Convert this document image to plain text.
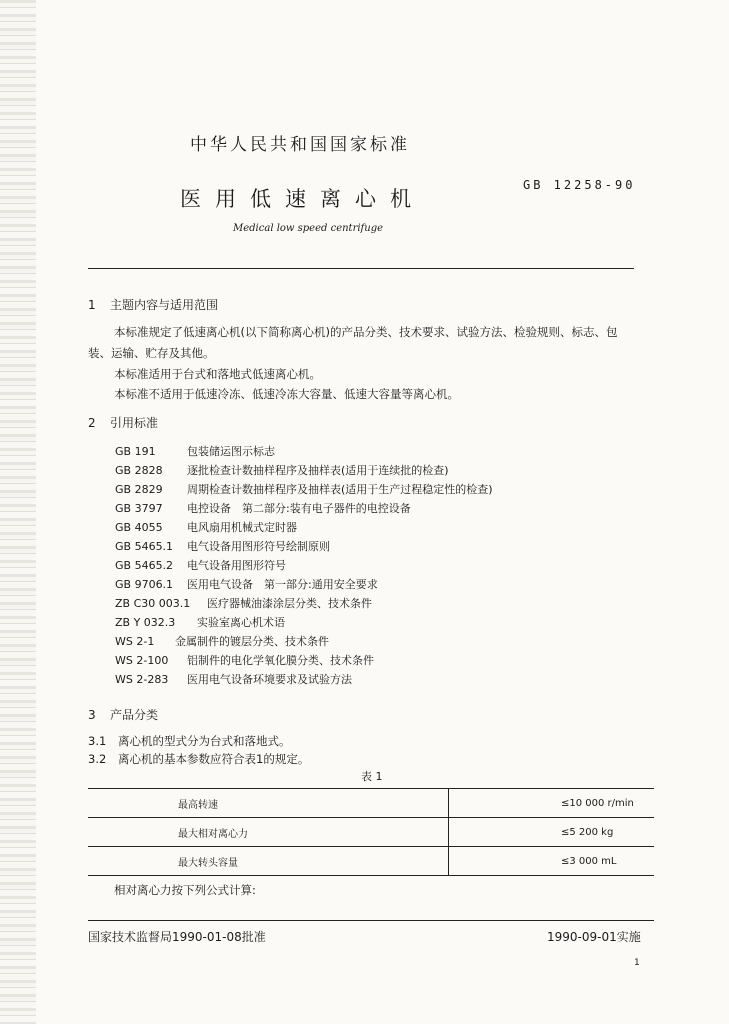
中华人民共和国国家标准
GB 12258-90
医用低速离心机
Medical low speed centrifuge
1 主题内容与适用范围
本标准规定了低速离心机(以下简称离心机)的产品分类、技术要求、试验方法、检验规则、标志、包
装、运输、贮存及其他。
本标准适用于台式和落地式低速离心机。
本标准不适用于低速冷冻、低速冷冻大容量、低速大容量等离心机。
2 引用标准
GB 191	包装储运图示标志
GB 2828 逐批检查计数抽样程序及抽样表(适用于连续批的检查)
GB 2829 周期检查计数抽样程序及抽样表(适用于生产过程稳定性的检查)
GB 3797 电控设备　第二部分:装有电子器件的电控设备
GB 4055 电风扇用机械式定时器
GB 5465.1 电气设备用图形符号绘制原则
GB 5465.2 电气设备用图形符号
GB 9706.1 医用电气设备　第一部分:通用安全要求
ZB C30 003.1 医疗器械油漆涂层分类、技术条件
ZB Y 032.3 实验室离心机术语
WS 2-1 金属制件的镀层分类、技术条件
WS 2-100 铝制件的电化学氧化膜分类、技术条件
WS 2-283 医用电气设备环境要求及试验方法
3 产品分类
3.1 离心机的型式分为台式和落地式。
3.2 离心机的基本参数应符合表1的规定。
表 1
最高转速	≤10 000 r/min
最大相对离心力	≤5 200 kg
最大转头容量	≤3 000 mL
相对离心力按下列公式计算:
国家技术监督局1990-01-08批准	1990-09-01实施
1
